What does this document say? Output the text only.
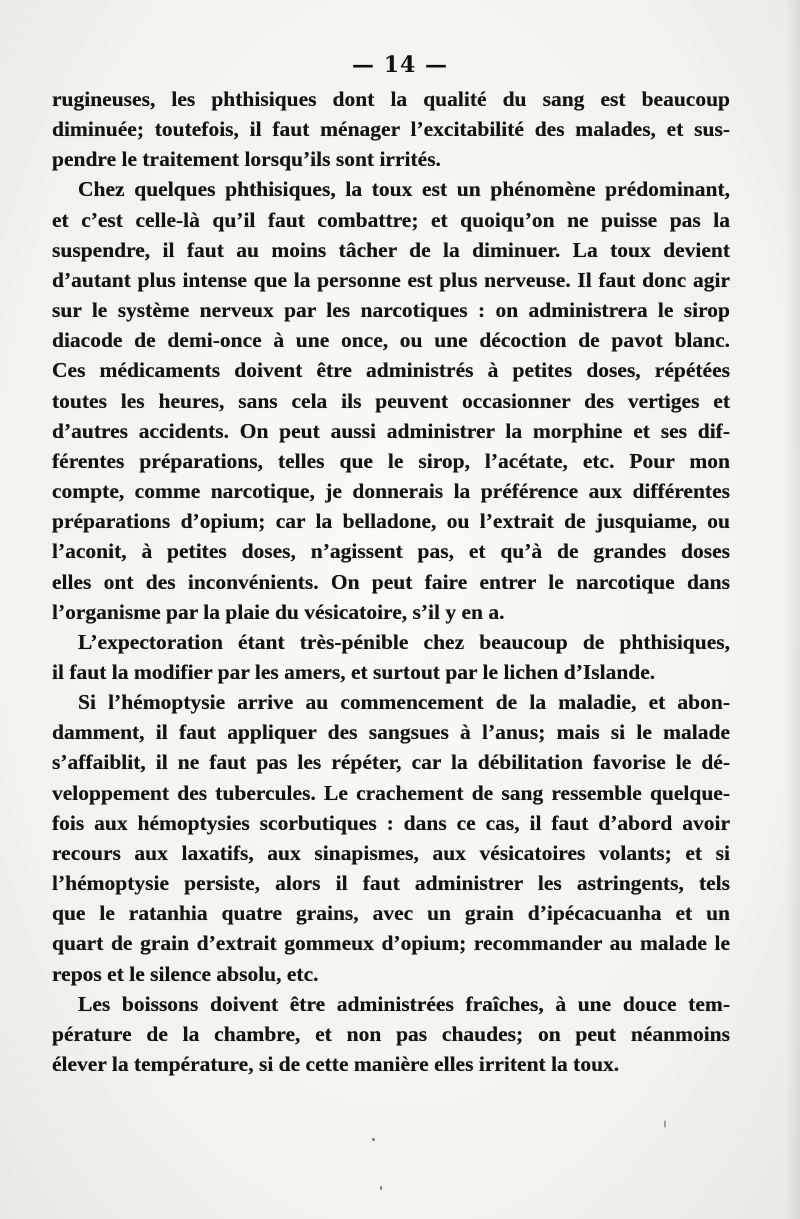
— 14 —
rugineuses, les phthisiques dont la qualité du sang est beaucoup
diminuée; toutefois, il faut ménager l’excitabilité des malades, et sus-
pendre le traitement lorsqu’ils sont irrités.
Chez quelques phthisiques, la toux est un phénomène prédominant,
et c’est celle-là qu’il faut combattre; et quoiqu’on ne puisse pas la
suspendre, il faut au moins tâcher de la diminuer. La toux devient
d’autant plus intense que la personne est plus nerveuse. Il faut donc agir
sur le système nerveux par les narcotiques : on administrera le sirop
diacode de demi-once à une once, ou une décoction de pavot blanc.
Ces médicaments doivent être administrés à petites doses, répétées
toutes les heures, sans cela ils peuvent occasionner des vertiges et
d’autres accidents. On peut aussi administrer la morphine et ses dif-
férentes préparations, telles que le sirop, l’acétate, etc. Pour mon
compte, comme narcotique, je donnerais la préférence aux différentes
préparations d’opium; car la belladone, ou l’extrait de jusquiame, ou
l’aconit, à petites doses, n’agissent pas, et qu’à de grandes doses
elles ont des inconvénients. On peut faire entrer le narcotique dans
l’organisme par la plaie du vésicatoire, s’il y en a.
L’expectoration étant très-pénible chez beaucoup de phthisiques,
il faut la modifier par les amers, et surtout par le lichen d’Islande.
Si l’hémoptysie arrive au commencement de la maladie, et abon-
damment, il faut appliquer des sangsues à l’anus; mais si le malade
s’affaiblit, il ne faut pas les répéter, car la débilitation favorise le dé-
veloppement des tubercules. Le crachement de sang ressemble quelque-
fois aux hémoptysies scorbutiques : dans ce cas, il faut d’abord avoir
recours aux laxatifs, aux sinapismes, aux vésicatoires volants; et si
l’hémoptysie persiste, alors il faut administrer les astringents, tels
que le ratanhia quatre grains, avec un grain d’ipécacuanha et un
quart de grain d’extrait gommeux d’opium; recommander au malade le
repos et le silence absolu, etc.
Les boissons doivent être administrées fraîches, à une douce tem-
pérature de la chambre, et non pas chaudes; on peut néanmoins
élever la température, si de cette manière elles irritent la toux.
